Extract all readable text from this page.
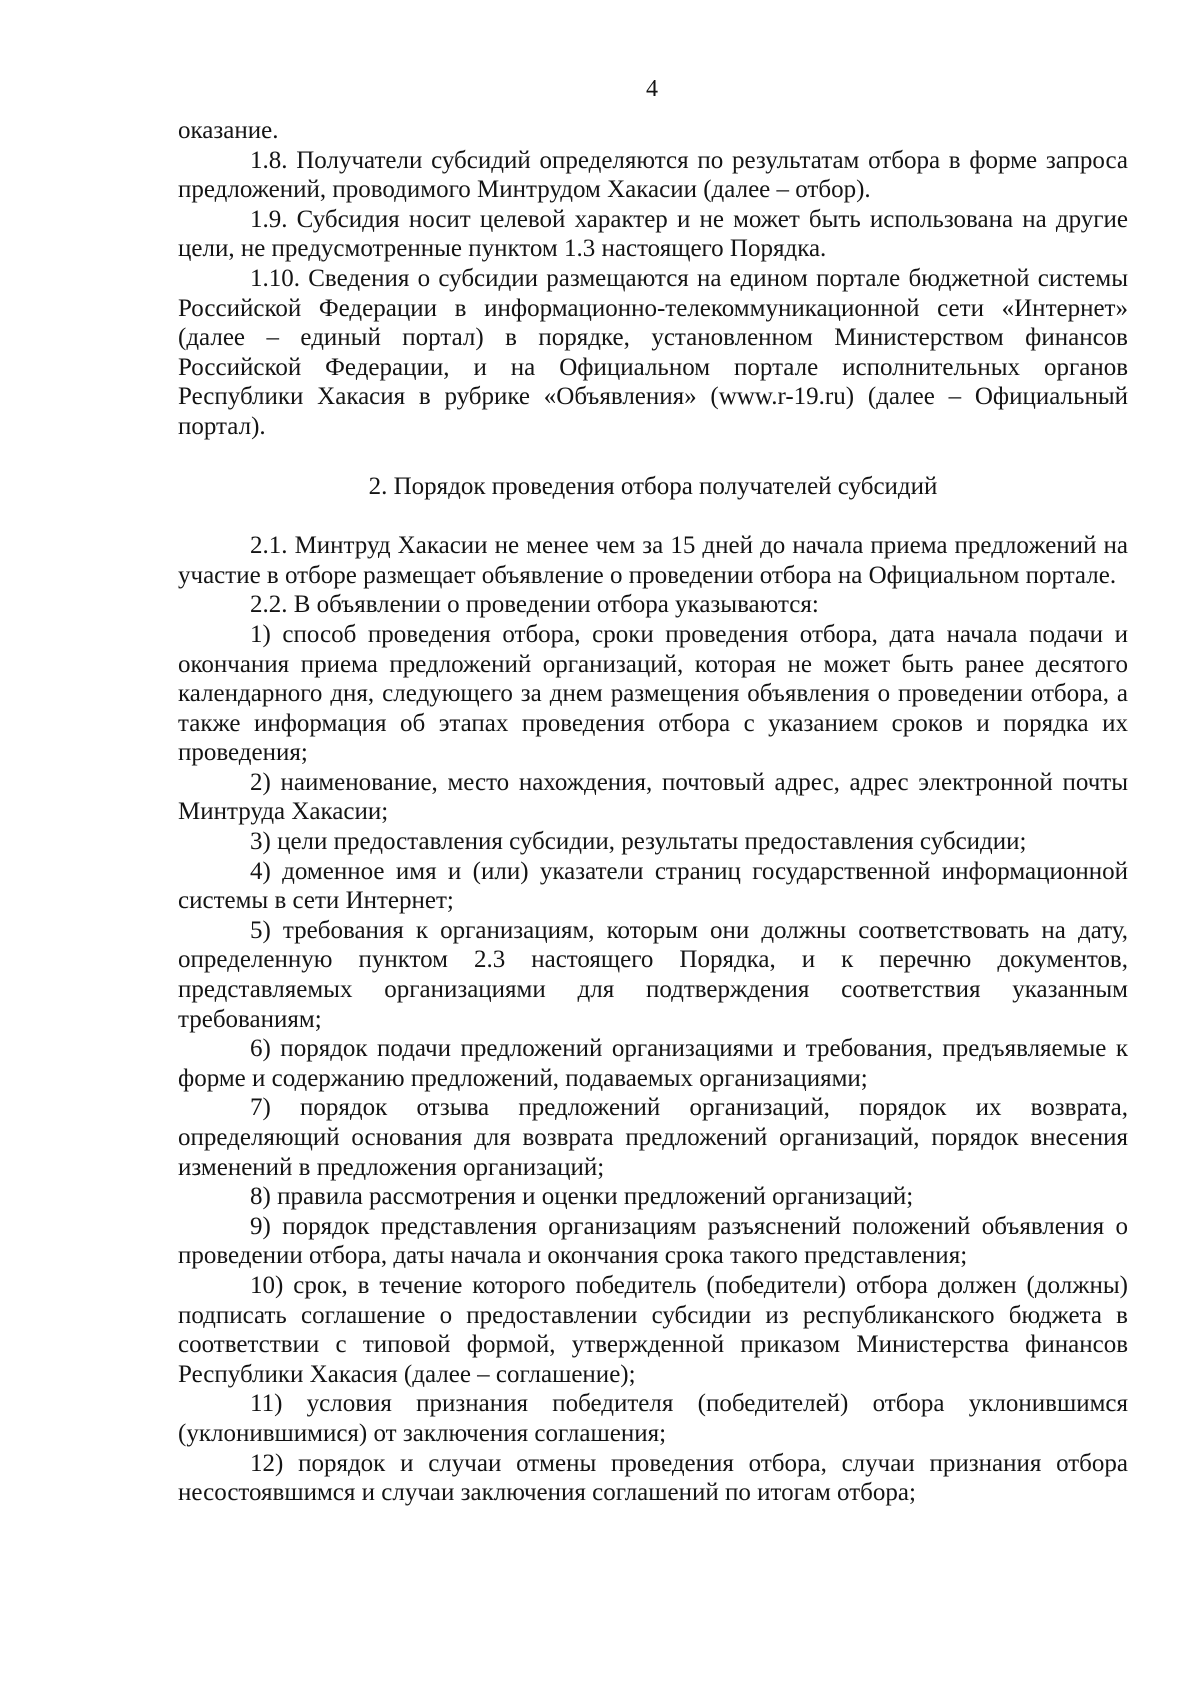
4

оказание.

1.8. Получатели субсидий определяются по результатам отбора в форме запроса предложений, проводимого Минтрудом Хакасии (далее – отбор).

1.9. Субсидия носит целевой характер и не может быть использована на другие цели, не предусмотренные пунктом 1.3 настоящего Порядка.

1.10. Сведения о субсидии размещаются на едином портале бюджетной системы Российской Федерации в информационно-телекоммуникационной сети «Интернет» (далее – единый портал) в порядке, установленном Министерством финансов Российской Федерации, и на Официальном портале исполнительных органов Республики Хакасия в рубрике «Объявления» (www.r-19.ru) (далее – Официальный портал).

2. Порядок проведения отбора получателей субсидий

2.1. Минтруд Хакасии не менее чем за 15 дней до начала приема предложений на участие в отборе размещает объявление о проведении отбора на Официальном портале.

2.2. В объявлении о проведении отбора указываются:

1) способ проведения отбора, сроки проведения отбора, дата начала подачи и окончания приема предложений организаций, которая не может быть ранее десятого календарного дня, следующего за днем размещения объявления о проведении отбора, а также информация об этапах проведения отбора с указанием сроков и порядка их проведения;

2) наименование, место нахождения, почтовый адрес, адрес электронной почты Минтруда Хакасии;

3) цели предоставления субсидии, результаты предоставления субсидии;

4) доменное имя и (или) указатели страниц государственной информационной системы в сети Интернет;

5) требования к организациям, которым они должны соответствовать на дату, определенную пунктом 2.3 настоящего Порядка, и к перечню документов, представляемых организациями для подтверждения соответствия указанным требованиям;

6) порядок подачи предложений организациями и требования, предъявляемые к форме и содержанию предложений, подаваемых организациями;

7) порядок отзыва предложений организаций, порядок их возврата, определяющий основания для возврата предложений организаций, порядок внесения изменений в предложения организаций;

8) правила рассмотрения и оценки предложений организаций;

9) порядок представления организациям разъяснений положений объявления о проведении отбора, даты начала и окончания срока такого представления;

10) срок, в течение которого победитель (победители) отбора должен (должны) подписать соглашение о предоставлении субсидии из республиканского бюджета в соответствии с типовой формой, утвержденной приказом Министерства финансов Республики Хакасия (далее – соглашение);

11) условия признания победителя (победителей) отбора уклонившимся (уклонившимися) от заключения соглашения;

12) порядок и случаи отмены проведения отбора, случаи признания отбора несостоявшимся и случаи заключения соглашений по итогам отбора;
